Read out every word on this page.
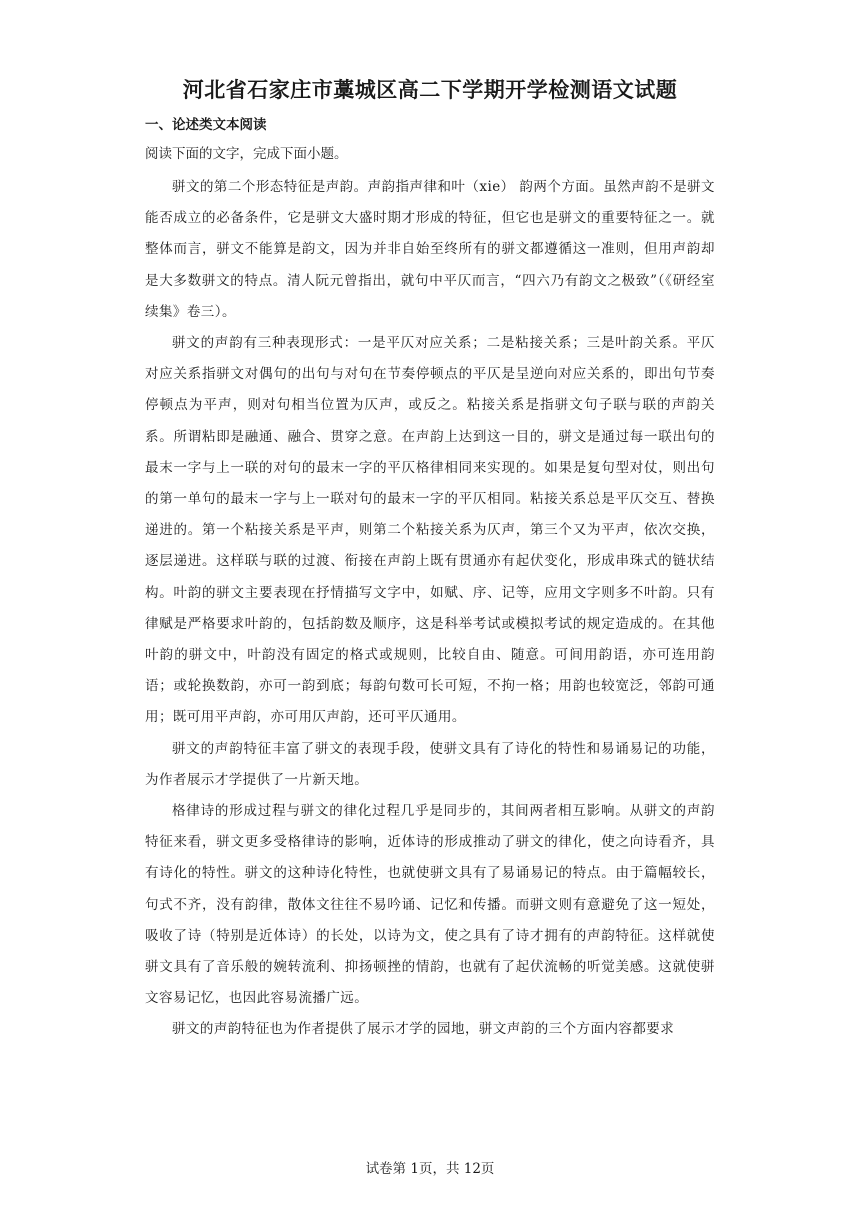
河北省石家庄市藁城区高二下学期开学检测语文试题
一、论述类文本阅读

阅读下面的文字，完成下面小题。

骈文的第二个形态特征是声韵。声韵指声律和叶（xie） 韵两个方面。虽然声韵不是骈文能否成立的必备条件，它是骈文大盛时期才形成的特征，但它也是骈文的重要特征之一。就整体而言，骈文不能算是韵文，因为并非自始至终所有的骈文都遵循这一准则，但用声韵却是大多数骈文的特点。清人阮元曾指出，就句中平仄而言，“四六乃有韵文之极致”（《研经室续集》卷三）。

骈文的声韵有三种表现形式：一是平仄对应关系；二是粘接关系；三是叶韵关系。平仄对应关系指骈文对偶句的出句与对句在节奏停顿点的平仄是呈逆向对应关系的，即出句节奏停顿点为平声，则对句相当位置为仄声，或反之。粘接关系是指骈文句子联与联的声韵关系。所谓粘即是融通、融合、贯穿之意。在声韵上达到这一目的，骈文是通过每一联出句的最末一字与上一联的对句的最末一字的平仄格律相同来实现的。如果是复句型对仗，则出句的第一单句的最末一字与上一联对句的最末一字的平仄相同。粘接关系总是平仄交互、替换递进的。第一个粘接关系是平声，则第二个粘接关系为仄声，第三个又为平声，依次交换，逐层递进。这样联与联的过渡、衔接在声韵上既有贯通亦有起伏变化，形成串珠式的链状结构。叶韵的骈文主要表现在抒情描写文字中，如赋、序、记等，应用文字则多不叶韵。只有律赋是严格要求叶韵的，包括韵数及顺序，这是科举考试或模拟考试的规定造成的。在其他叶韵的骈文中，叶韵没有固定的格式或规则，比较自由、随意。可间用韵语，亦可连用韵语；或轮换数韵，亦可一韵到底；每韵句数可长可短，不拘一格；用韵也较宽泛，邻韵可通用；既可用平声韵，亦可用仄声韵，还可平仄通用。

骈文的声韵特征丰富了骈文的表现手段，使骈文具有了诗化的特性和易诵易记的功能，为作者展示才学提供了一片新天地。

格律诗的形成过程与骈文的律化过程几乎是同步的，其间两者相互影响。从骈文的声韵特征来看，骈文更多受格律诗的影响，近体诗的形成推动了骈文的律化，使之向诗看齐，具有诗化的特性。骈文的这种诗化特性，也就使骈文具有了易诵易记的特点。由于篇幅较长，句式不齐，没有韵律，散体文往往不易吟诵、记忆和传播。而骈文则有意避免了这一短处，吸收了诗（特别是近体诗）的长处，以诗为文，使之具有了诗才拥有的声韵特征。这样就使骈文具有了音乐般的婉转流利、抑扬顿挫的情韵，也就有了起伏流畅的听觉美感。这就使骈文容易记忆，也因此容易流播广远。

骈文的声韵特征也为作者提供了展示才学的园地，骈文声韵的三个方面内容都要求

试卷第 1页，共 12页
